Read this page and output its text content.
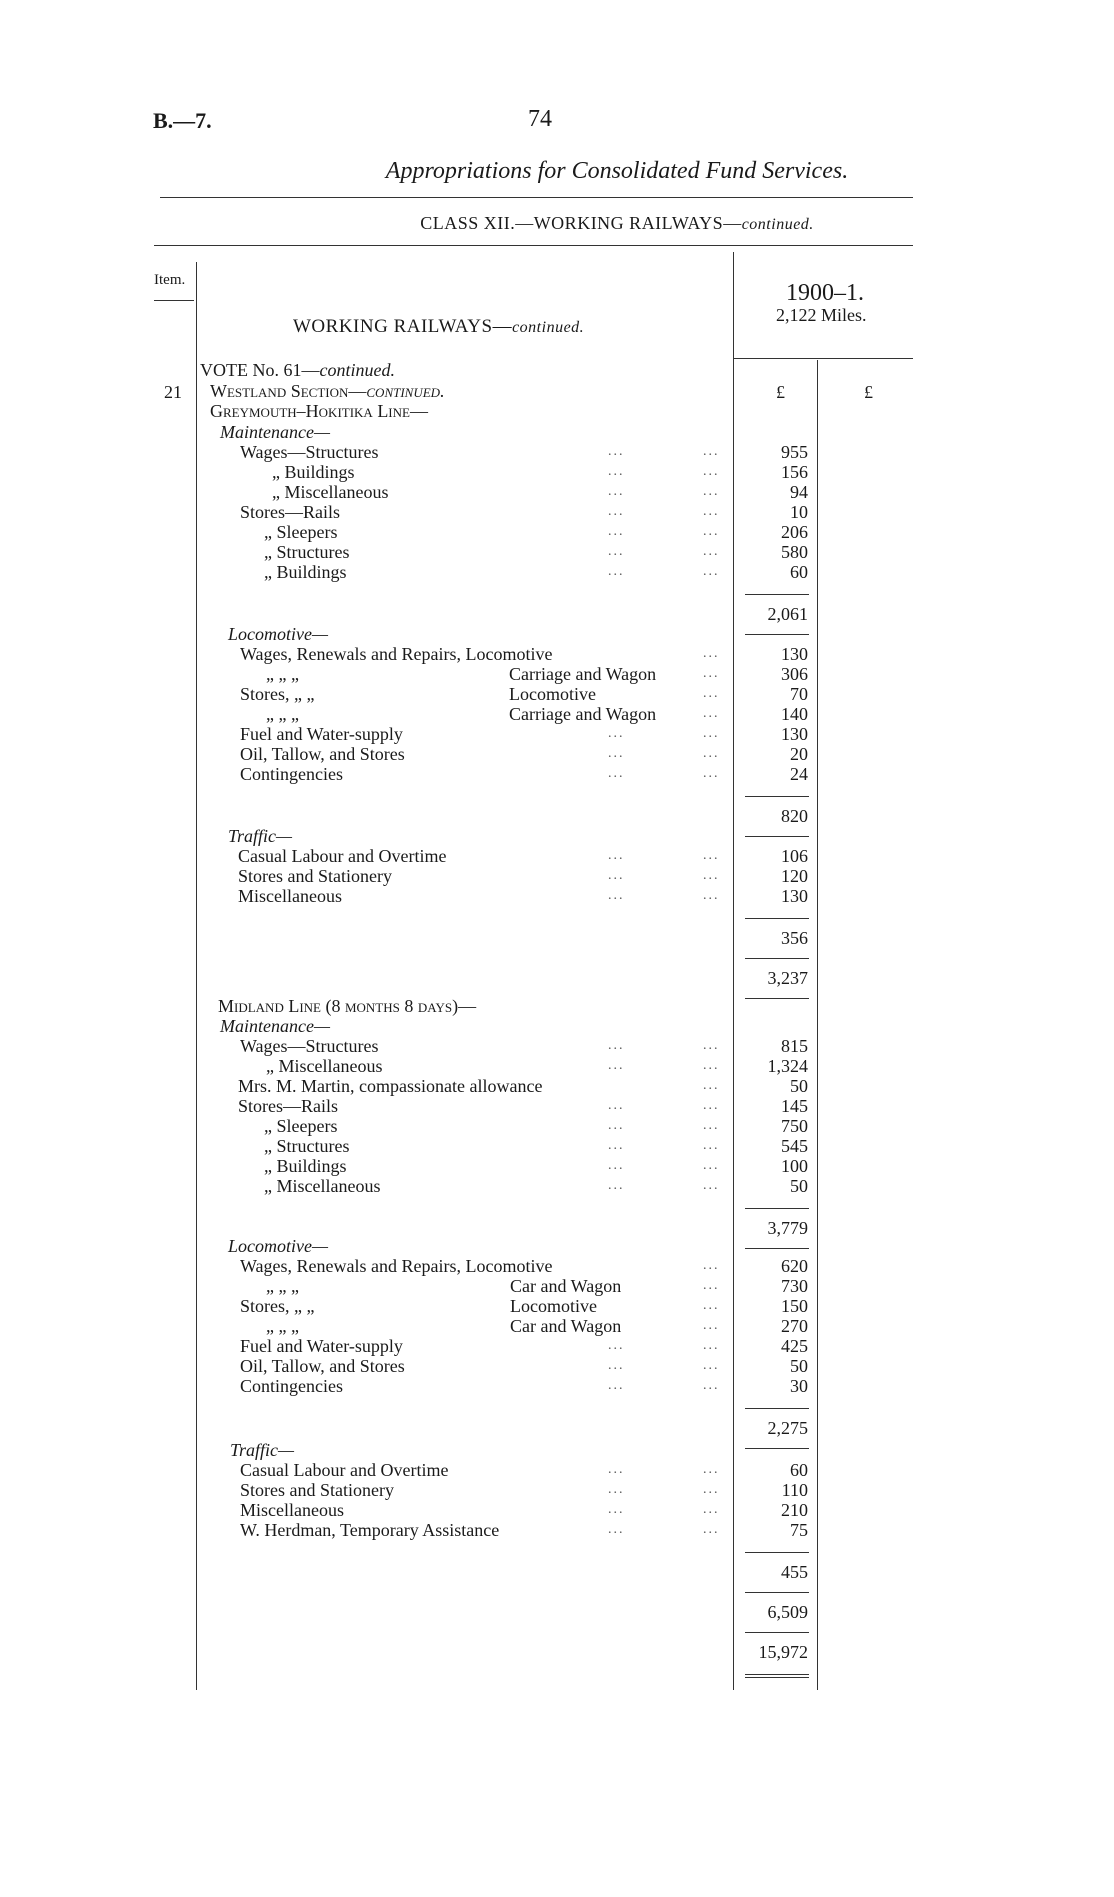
B.—7.	74
Appropriations for Consolidated Fund Services.
CLASS XII.—WORKING RAILWAYS—continued.
Item.
WORKING RAILWAYS—continued.
1900–1.
2,122 Miles.
£	£
VOTE No. 61—continued.
21 Westland Section—continued.
Greymouth–Hokitika Line—
Maintenance—
Wages—Structures	...	...	955
„ Buildings	...	...	156
„ Miscellaneous	...	...	94
Stores—Rails	...	...	10
„ Sleepers	...	...	206
„ Structures	...	...	580
„ Buildings	...	...	60
2,061
Locomotive—
Wages, Renewals and Repairs, Locomotive	...	130
„ „ „	Carriage and Wagon	...	306
Stores, „ „	Locomotive	...	70
„ „ „	Carriage and Wagon	...	140
Fuel and Water-supply	...	...	130
Oil, Tallow, and Stores	...	...	20
Contingencies	...	...	24
820
Traffic—
Casual Labour and Overtime	...	...	106
Stores and Stationery	...	...	120
Miscellaneous	...	...	130
356
3,237
Midland Line (8 months 8 days)—
Maintenance—
Wages—Structures	...	...	815
„ Miscellaneous	...	...	1,324
Mrs. M. Martin, compassionate allowance	...	50
Stores—Rails	...	...	145
„ Sleepers	...	...	750
„ Structures	...	...	545
„ Buildings	...	...	100
„ Miscellaneous	...	...	50
3,779
Locomotive—
Wages, Renewals and Repairs, Locomotive	...	620
„ „ „	Car and Wagon	...	730
Stores, „ „	Locomotive	...	150
„ „ „	Car and Wagon	...	270
Fuel and Water-supply	...	...	425
Oil, Tallow, and Stores	...	...	50
Contingencies	...	...	30
2,275
Traffic—
Casual Labour and Overtime	...	...	60
Stores and Stationery	...	...	110
Miscellaneous	...	...	210
W. Herdman, Temporary Assistance	...	...	75
455
6,509
15,972
